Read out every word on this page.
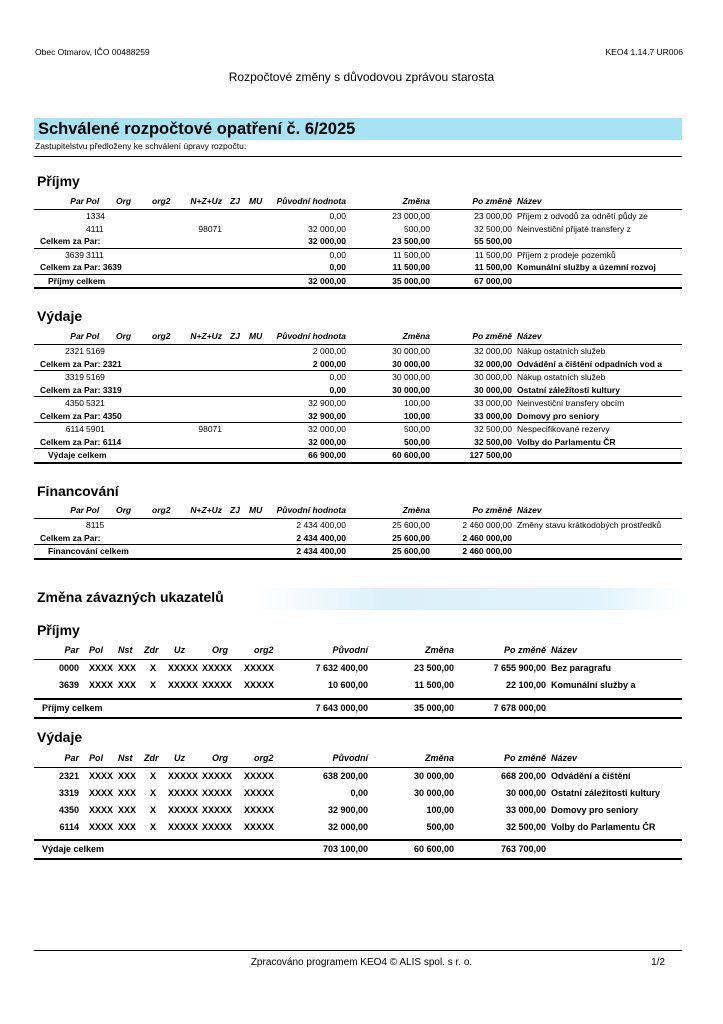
Obec Otmarov, IČO 00488259	KEO4 1.14.7 UR006
Rozpočtové změny s důvodovou zprávou starosta
Schválené rozpočtové opatření č. 6/2025
Zastupitelstvu předloženy ke schválení úpravy rozpočtu:
Příjmy
Par Pol	Org org2	N+Z+Uz ZJ MU	Původní hodnota	Změna	Po změně Název
1334	0,00	23 000,00	23 000,00 Příjem z odvodů za odnětí půdy ze
4111	98071	32 000,00	500,00	32 500,00 Neinvestiční přijaté transfery z
Celkem za Par:	32 000,00	23 500,00	55 500,00
3639 3111	0,00	11 500,00	11 500,00 Příjem z prodeje pozemků
Celkem za Par: 3639	0,00	11 500,00	11 500,00 Komunální služby a územní rozvoj
Příjmy celkem	32 000,00	35 000,00	67 000,00
Výdaje
Par Pol	Org org2	N+Z+Uz ZJ MU	Původní hodnota	Změna	Po změně Název
2321 5169	2 000,00	30 000,00	32 000,00 Nákup ostatních služeb
Celkem za Par: 2321	2 000,00	30 000,00	32 000,00 Odvádění a čištění odpadních vod a
3319 5169	0,00	30 000,00	30 000,00 Nákup ostatních služeb
Celkem za Par: 3319	0,00	30 000,00	30 000,00 Ostatní záležitosti kultury
4350 5321	32 900,00	100,00	33 000,00 Neinvestiční transfery obcím
Celkem za Par: 4350	32 900,00	100,00	33 000,00 Domovy pro seniory
6114 5901	98071	32 000,00	500,00	32 500,00 Nespecifikované rezervy
Celkem za Par: 6114	32 000,00	500,00	32 500,00 Volby do Parlamentu ČR
Výdaje celkem	66 900,00	60 600,00	127 500,00
Financování
Par Pol	Org org2	N+Z+Uz ZJ MU	Původní hodnota	Změna	Po změně Název
8115	2 434 400,00	25 600,00	2 460 000,00 Změny stavu krátkodobých prostředků
Celkem za Par:	2 434 400,00	25 600,00	2 460 000,00
Financování celkem	2 434 400,00	25 600,00	2 460 000,00
Změna závazných ukazatelů
Příjmy
Par Pol Nst Zdr Uz	Org	org2	Původní	Změna	Po změně Název
0000 XXXX XXX X XXXXX XXXXX XXXXX	7 632 400,00	23 500,00	7 655 900,00 Bez paragrafu
3639 XXXX XXX X XXXXX XXXXX XXXXX	10 600,00	11 500,00	22 100,00 Komunální služby a
Příjmy celkem	7 643 000,00	35 000,00	7 678 000,00
Výdaje
Par Pol Nst Zdr Uz	Org	org2	Původní	Změna	Po změně Název
2321 XXXX XXX X XXXXX XXXXX XXXXX	638 200,00	30 000,00	668 200,00 Odvádění a čištění
3319 XXXX XXX X XXXXX XXXXX XXXXX	0,00	30 000,00	30 000,00 Ostatní záležitosti kultury
4350 XXXX XXX X XXXXX XXXXX XXXXX	32 900,00	100,00	33 000,00 Domovy pro seniory
6114 XXXX XXX X XXXXX XXXXX XXXXX	32 000,00	500,00	32 500,00 Volby do Parlamentu ČR
Výdaje celkem	703 100,00	60 600,00	763 700,00
Zpracováno programem KEO4 © ALIS spol. s r. o.	1/2
